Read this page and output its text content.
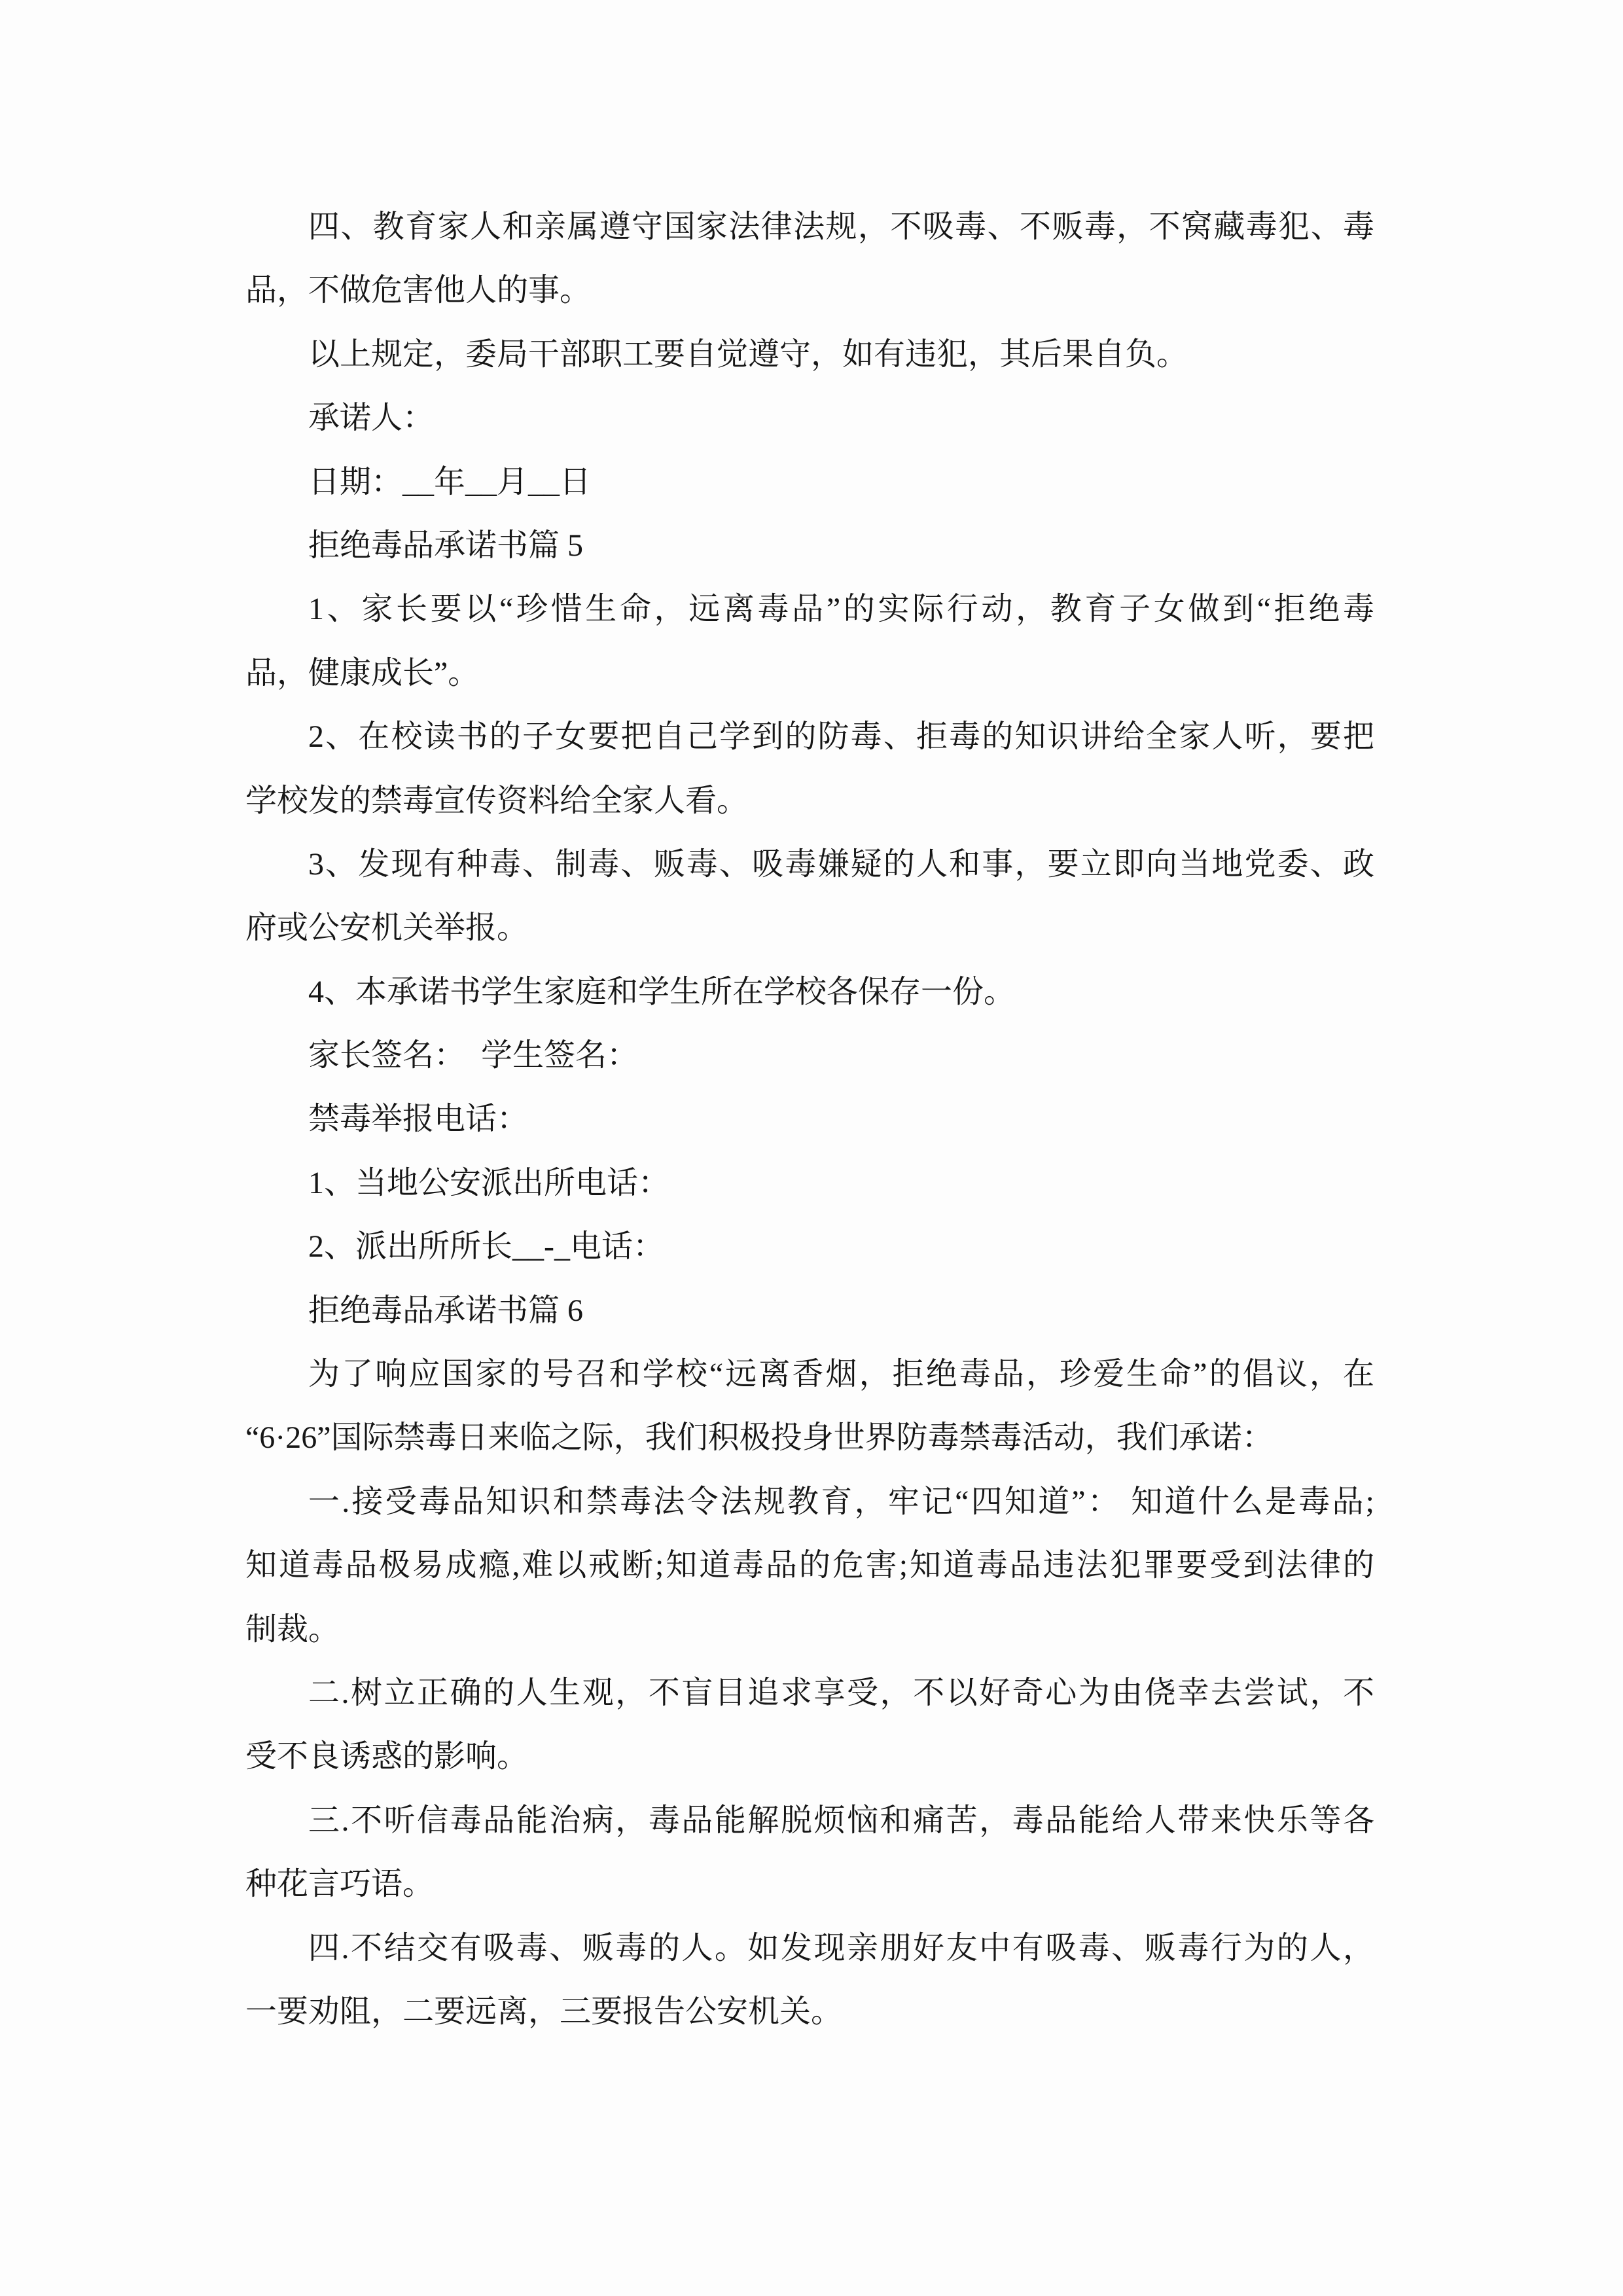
四、教育家人和亲属遵守国家法律法规，不吸毒、不贩毒，不窝藏毒犯、毒
品，不做危害他人的事。
以上规定，委局干部职工要自觉遵守，如有违犯，其后果自负。
承诺人：
日期：__年__月__日
拒绝毒品承诺书篇 5
1、家长要以“珍惜生命，远离毒品”的实际行动，教育子女做到“拒绝毒
品，健康成长”。
2、在校读书的子女要把自己学到的防毒、拒毒的知识讲给全家人听，要把
学校发的禁毒宣传资料给全家人看。
3、发现有种毒、制毒、贩毒、吸毒嫌疑的人和事，要立即向当地党委、政
府或公安机关举报。
4、本承诺书学生家庭和学生所在学校各保存一份。
家长签名：  学生签名：
禁毒举报电话：
1、当地公安派出所电话：
2、派出所所长__-_电话：
拒绝毒品承诺书篇 6
为了响应国家的号召和学校“远离香烟，拒绝毒品，珍爱生命”的倡议，在
“6·26”国际禁毒日来临之际，我们积极投身世界防毒禁毒活动，我们承诺：
一.接受毒品知识和禁毒法令法规教育，牢记“四知道”： 知道什么是毒品;
知道毒品极易成瘾,难以戒断;知道毒品的危害;知道毒品违法犯罪要受到法律的
制裁。
二.树立正确的人生观，不盲目追求享受，不以好奇心为由侥幸去尝试，不
受不良诱惑的影响。
三.不听信毒品能治病，毒品能解脱烦恼和痛苦，毒品能给人带来快乐等各
种花言巧语。
四.不结交有吸毒、贩毒的人。如发现亲朋好友中有吸毒、贩毒行为的人，
一要劝阻，二要远离，三要报告公安机关。
